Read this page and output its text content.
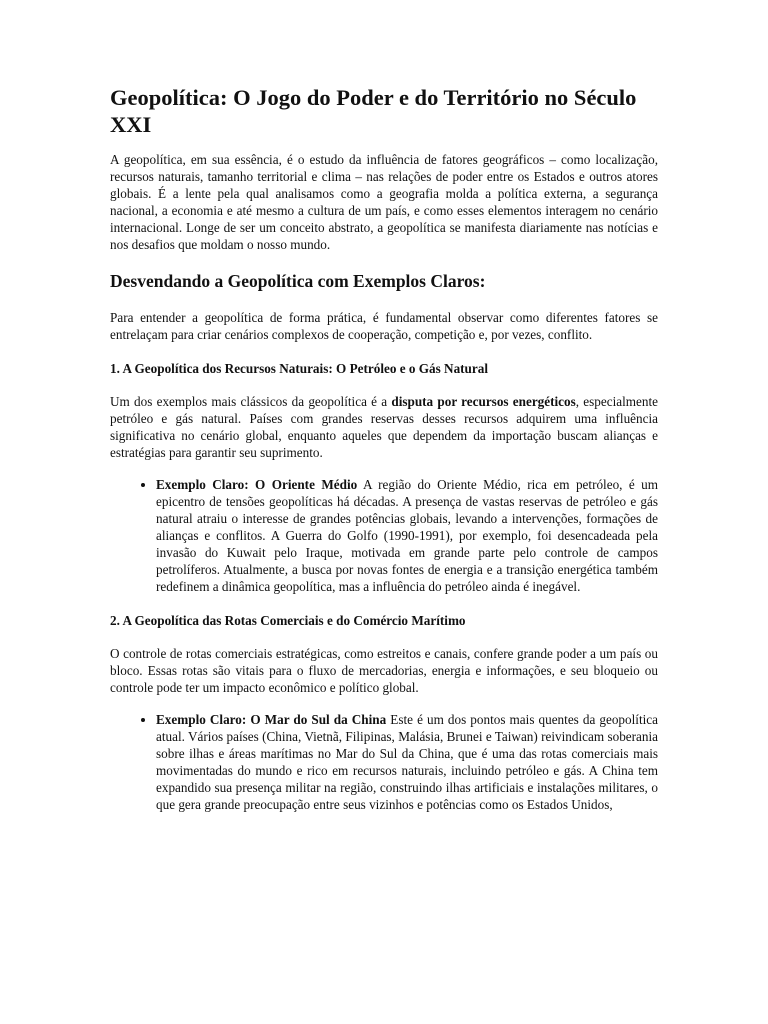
Geopolítica: O Jogo do Poder e do Território no Século XXI

A geopolítica, em sua essência, é o estudo da influência de fatores geográficos – como localização, recursos naturais, tamanho territorial e clima – nas relações de poder entre os Estados e outros atores globais. É a lente pela qual analisamos como a geografia molda a política externa, a segurança nacional, a economia e até mesmo a cultura de um país, e como esses elementos interagem no cenário internacional. Longe de ser um conceito abstrato, a geopolítica se manifesta diariamente nas notícias e nos desafios que moldam o nosso mundo.

Desvendando a Geopolítica com Exemplos Claros:

Para entender a geopolítica de forma prática, é fundamental observar como diferentes fatores se entrelaçam para criar cenários complexos de cooperação, competição e, por vezes, conflito.

1. A Geopolítica dos Recursos Naturais: O Petróleo e o Gás Natural

Um dos exemplos mais clássicos da geopolítica é a disputa por recursos energéticos, especialmente petróleo e gás natural. Países com grandes reservas desses recursos adquirem uma influência significativa no cenário global, enquanto aqueles que dependem da importação buscam alianças e estratégias para garantir seu suprimento.

• Exemplo Claro: O Oriente Médio A região do Oriente Médio, rica em petróleo, é um epicentro de tensões geopolíticas há décadas. A presença de vastas reservas de petróleo e gás natural atraiu o interesse de grandes potências globais, levando a intervenções, formações de alianças e conflitos. A Guerra do Golfo (1990-1991), por exemplo, foi desencadeada pela invasão do Kuwait pelo Iraque, motivada em grande parte pelo controle de campos petrolíferos. Atualmente, a busca por novas fontes de energia e a transição energética também redefinem a dinâmica geopolítica, mas a influência do petróleo ainda é inegável.
2. A Geopolítica das Rotas Comerciais e do Comércio Marítimo

O controle de rotas comerciais estratégicas, como estreitos e canais, confere grande poder a um país ou bloco. Essas rotas são vitais para o fluxo de mercadorias, energia e informações, e seu bloqueio ou controle pode ter um impacto econômico e político global.

• Exemplo Claro: O Mar do Sul da China Este é um dos pontos mais quentes da geopolítica atual. Vários países (China, Vietnã, Filipinas, Malásia, Brunei e Taiwan) reivindicam soberania sobre ilhas e áreas marítimas no Mar do Sul da China, que é uma das rotas comerciais mais movimentadas do mundo e rico em recursos naturais, incluindo petróleo e gás. A China tem expandido sua presença militar na região, construindo ilhas artificiais e instalações militares, o que gera grande preocupação entre seus vizinhos e potências como os Estados Unidos,
